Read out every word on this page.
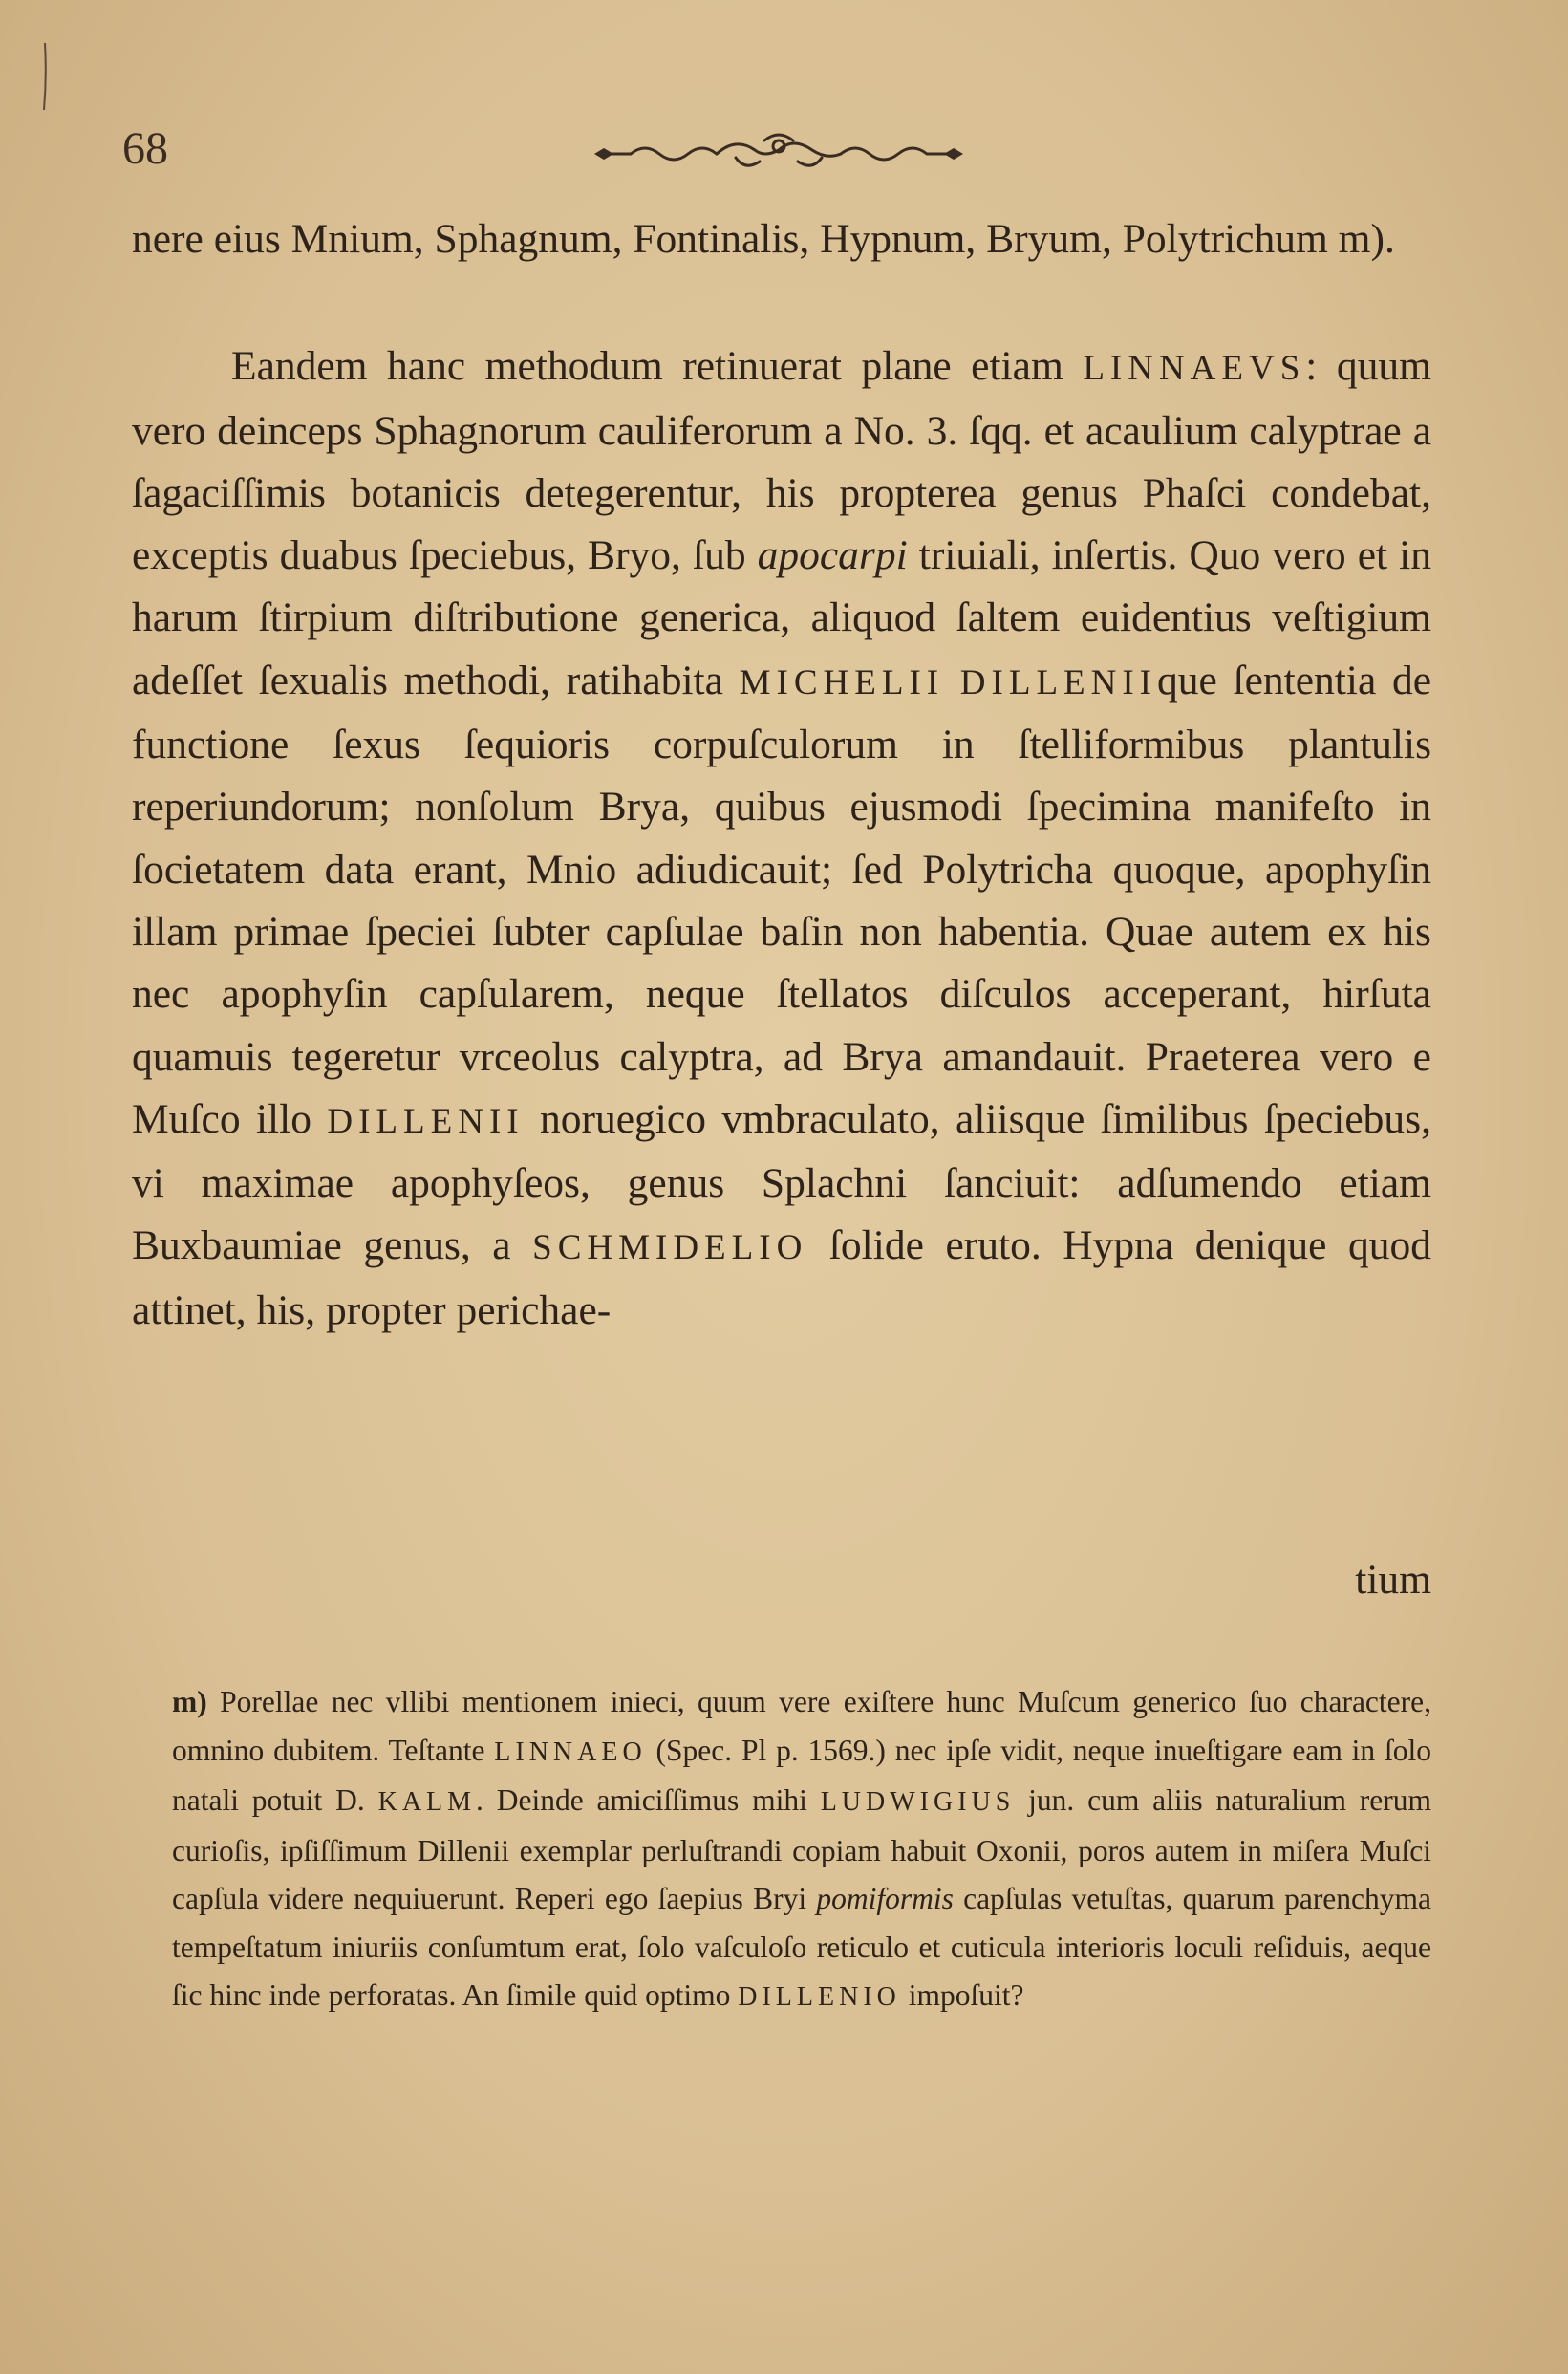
68

nere eius Mnium, Sphagnum, Fontinalis, Hypnum, Bryum, Polytrichum m).

Eandem hanc methodum retinuerat plane etiam LINNAEVS: quum vero deinceps Sphagnorum cauliferorum a No. 3. ſqq. et acaulium calyptrae a ſagaciſſimis botanicis detegerentur, his propterea genus Phaſci condebat, exceptis duabus ſpeciebus, Bryo, ſub apocarpi triuiali, inſertis. Quo vero et in harum ſtirpium diſtributione generica, aliquod ſaltem euidentius veſtigium adeſſet ſexualis methodi, ratihabita MICHELII DILLENIIque ſententia de functione ſexus ſequioris corpuſculorum in ſtelliformibus plantulis reperiundorum; nonſolum Brya, quibus ejusmodi ſpecimina manifeſto in ſocietatem data erant, Mnio adiudicauit; ſed Polytricha quoque, apophyſin illam primae ſpeciei ſubter capſulae baſin non habentia. Quae autem ex his nec apophyſin capſularem, neque ſtellatos diſculos acceperant, hirſuta quamuis tegeretur vrceolus calyptra, ad Brya amandauit. Praeterea vero e Muſco illo DILLENII noruegico vmbraculato, aliisque ſimilibus ſpeciebus, vi maximae apophyſeos, genus Splachni ſanciuit: adſumendo etiam Buxbaumiae genus, a SCHMIDELIO ſolide eruto. Hypna denique quod attinet, his, propter perichae-

tium
m) Porellae nec vllibi mentionem inieci, quum vere exiſtere hunc Muſcum generico ſuo charactere, omnino dubitem. Teſtante LINNAEO (Spec. Pl p. 1569.) nec ipſe vidit, neque inueſtigare eam in ſolo natali potuit D. KALM. Deinde amiciſſimus mihi LUDWIGIUS jun. cum aliis naturalium rerum curioſis, ipſiſſimum Dillenii exemplar perluſtrandi copiam habuit Oxonii, poros autem in miſera Muſci capſula videre nequiuerunt. Reperi ego ſaepius Bryi pomiformis capſulas vetuſtas, quarum parenchyma tempeſtatum iniuriis conſumtum erat, ſolo vaſculoſo reticulo et cuticula interioris loculi reſiduis, aeque ſic hinc inde perforatas. An ſimile quid optimo DILLENIO impoſuit?
